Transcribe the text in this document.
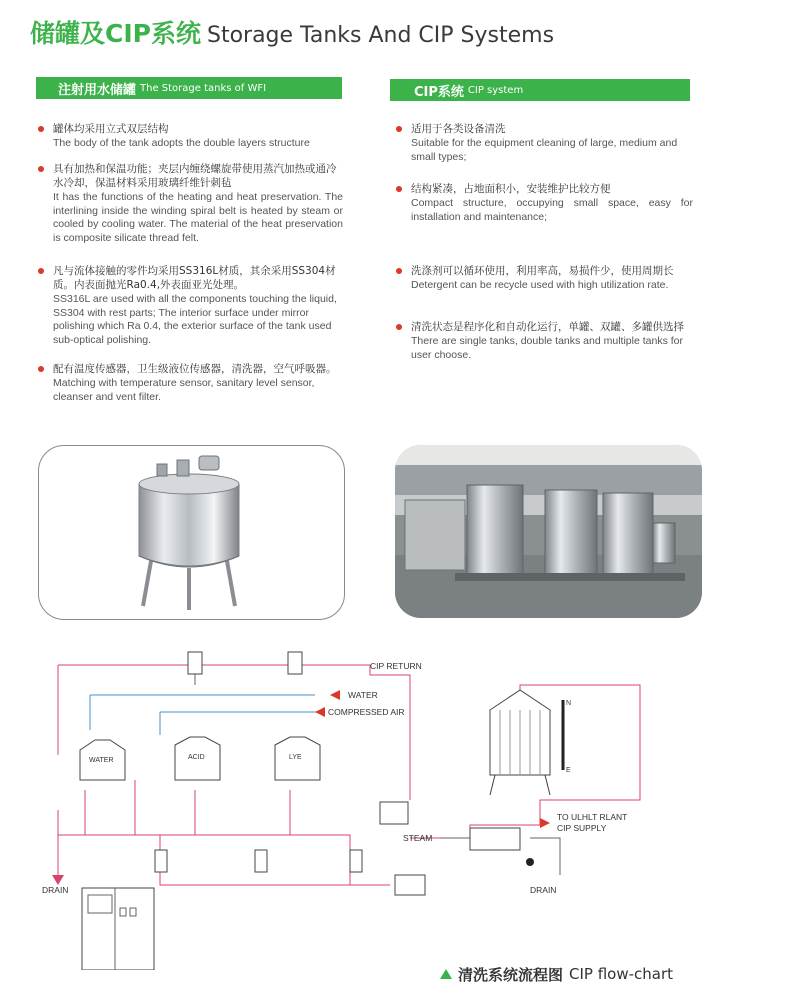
储罐及CIP系统 Storage Tanks And CIP Systems
注射用水储罐 The Storage tanks of WFI	CIP系统 CIP system
罐体均采用立式双层结构
The body of the tank adopts the double layers structure
具有加热和保温功能；夹层内缠绕螺旋带使用蒸汽加热或通冷水冷却，保温材料采用玻璃纤维针刺毡
It has the functions of the heating and heat preservation. The interlining inside the winding spiral belt is heated by steam or cooled by cooling water. The material of the heat preservation is composite silicate thread felt.
凡与流体接触的零件均采用SS316L材质，其余采用SS304材质。内表面抛光Ra0.4,外表面亚光处理。
SS316L are used with all the components touching the liquid, SS304 with rest parts; The interior surface under mirror polishing which Ra 0.4, the exterior surface of the tank used sub-optical polishing.
配有温度传感器，卫生级液位传感器，清洗器，空气呼吸器。
Matching with temperature sensor, sanitary level sensor, cleanser and vent filter.
适用于各类设备清洗
Suitable for the equipment cleaning of large, medium and small types;
结构紧凑，占地面积小，安装维护比较方便
Compact structure, occupying small space, easy for installation and maintenance;
洗涤剂可以循环使用，利用率高，易损件少，使用周期长
Detergent can be recycle used with high utilization rate.
清洗状态是程序化和自动化运行，单罐、双罐、多罐供选择
There are single tanks, double tanks and multiple tanks for user choose.
WATER	ACID	LYE
N
E
CIP RETURN
WATER
COMPRESSED AIR
STEAM
DRAIN	DRAIN
TO ULHLT RLANT
CIP SUPPLY
清洗系统流程图 CIP flow-chart
